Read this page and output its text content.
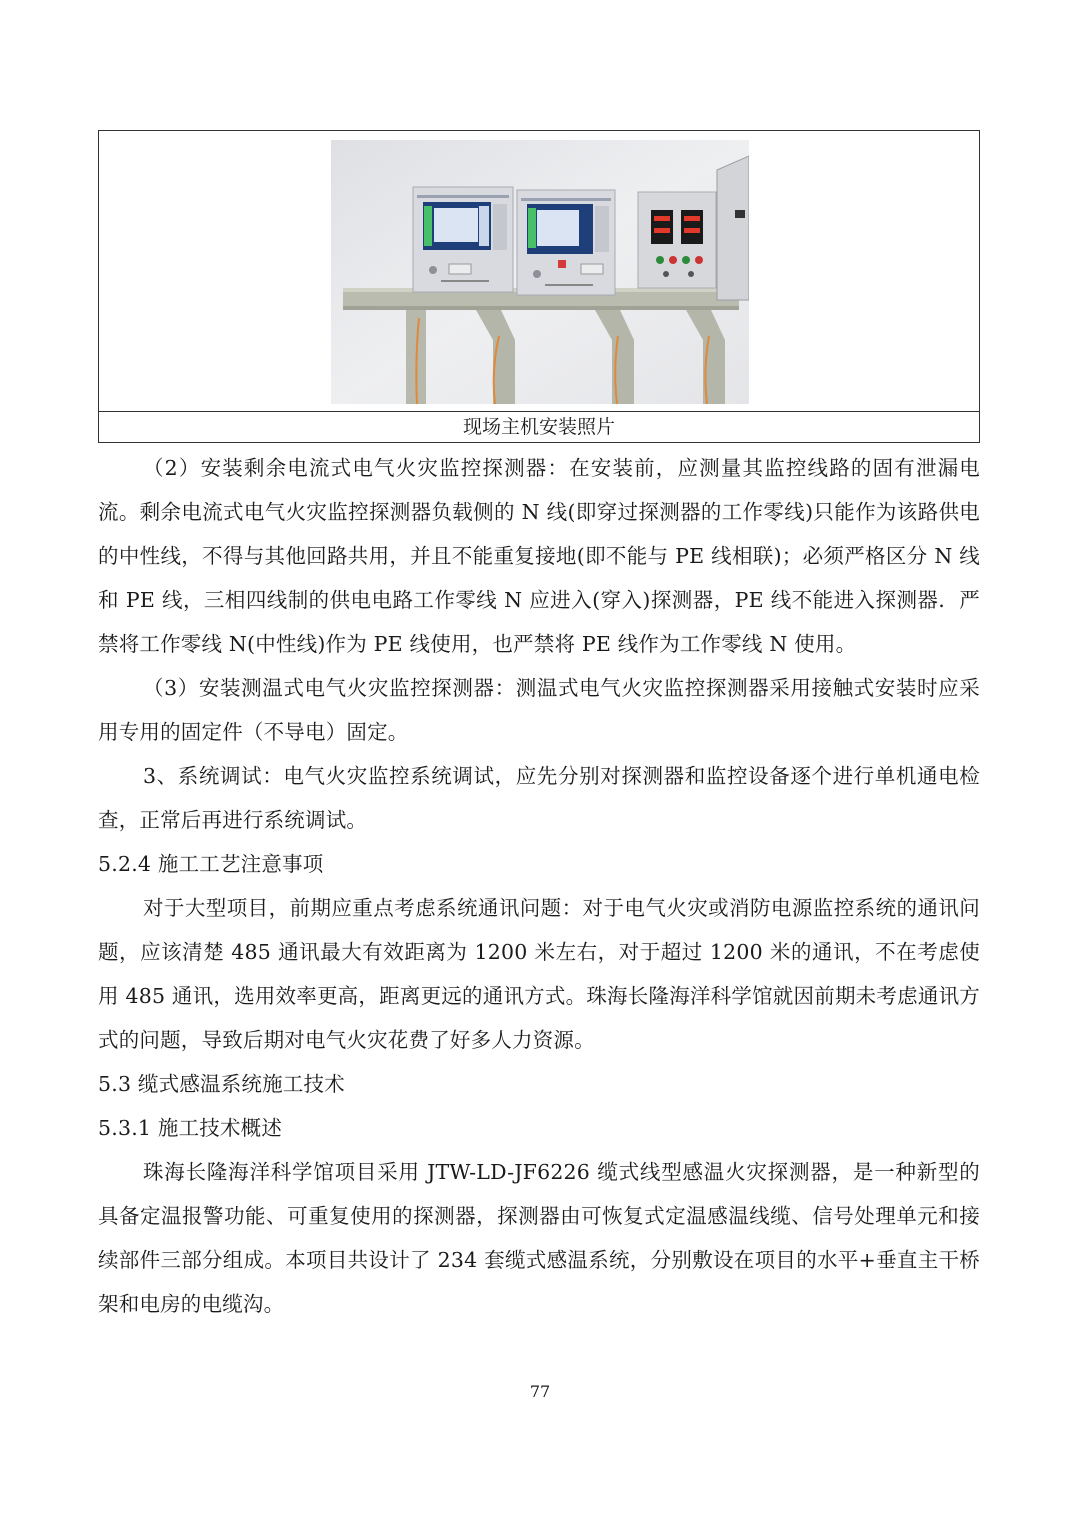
现场主机安装照片

（2）安装剩余电流式电气火灾监控探测器：在安装前，应测量其监控线路的固有泄漏电流。剩余电流式电气火灾监控探测器负载侧的 N 线(即穿过探测器的工作零线)只能作为该路供电的中性线，不得与其他回路共用，并且不能重复接地(即不能与 PE 线相联)；必须严格区分 N 线和 PE 线，三相四线制的供电电路工作零线 N 应进入(穿入)探测器，PE 线不能进入探测器．严禁将工作零线 N(中性线)作为 PE 线使用，也严禁将 PE 线作为工作零线 N 使用。

（3）安装测温式电气火灾监控探测器：测温式电气火灾监控探测器采用接触式安装时应采用专用的固定件（不导电）固定。

3、系统调试：电气火灾监控系统调试，应先分别对探测器和监控设备逐个进行单机通电检查，正常后再进行系统调试。

5.2.4 施工工艺注意事项

对于大型项目，前期应重点考虑系统通讯问题：对于电气火灾或消防电源监控系统的通讯问题，应该清楚 485 通讯最大有效距离为 1200 米左右，对于超过 1200 米的通讯，不在考虑使用 485 通讯，选用效率更高，距离更远的通讯方式。珠海长隆海洋科学馆就因前期未考虑通讯方式的问题，导致后期对电气火灾花费了好多人力资源。

5.3 缆式感温系统施工技术

5.3.1 施工技术概述

珠海长隆海洋科学馆项目采用 JTW-LD-JF6226 缆式线型感温火灾探测器，是一种新型的具备定温报警功能、可重复使用的探测器，探测器由可恢复式定温感温线缆、信号处理单元和接续部件三部分组成。本项目共设计了 234 套缆式感温系统，分别敷设在项目的水平+垂直主干桥架和电房的电缆沟。

77
